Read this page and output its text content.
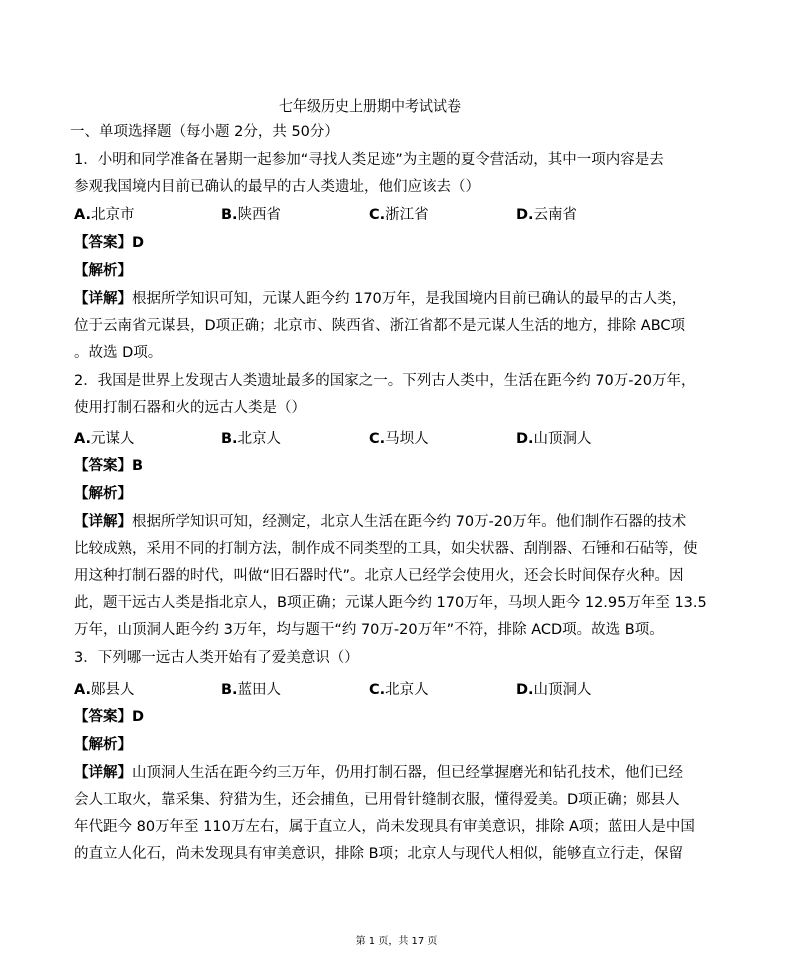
七年级历史上册期中考试试卷
一、单项选择题（每小题 2分，共 50分）
1．小明和同学准备在暑期一起参加“寻找人类足迹”为主题的夏令营活动，其中一项内容是去
参观我国境内目前已确认的最早的古人类遗址，他们应该去（）
A.北京市	B.陕西省	C.浙江省	D.云南省
【答案】D
【解析】
【详解】根据所学知识可知，元谋人距今约 170万年，是我国境内目前已确认的最早的古人类，
位于云南省元谋县，D项正确；北京市、陕西省、浙江省都不是元谋人生活的地方，排除 ABC项
。故选 D项。
2．我国是世界上发现古人类遗址最多的国家之一。下列古人类中，生活在距今约 70万-20万年，
使用打制石器和火的远古人类是（）
A.元谋人	B.北京人	C.马坝人	D.山顶洞人
【答案】B
【解析】
【详解】根据所学知识可知，经测定，北京人生活在距今约 70万-20万年。他们制作石器的技术
比较成熟，采用不同的打制方法，制作成不同类型的工具，如尖状器、刮削器、石锤和石砧等，使
用这种打制石器的时代，叫做“旧石器时代”。北京人已经学会使用火，还会长时间保存火种。因
此，题干远古人类是指北京人，B项正确；元谋人距今约 170万年，马坝人距今 12.95万年至 13.5
万年，山顶洞人距今约 3万年，均与题干“约 70万-20万年”不符，排除 ACD项。故选 B项。
3．下列哪一远古人类开始有了爱美意识（）
A.郧县人	B.蓝田人	C.北京人	D.山顶洞人
【答案】D
【解析】
【详解】山顶洞人生活在距今约三万年，仍用打制石器，但已经掌握磨光和钻孔技术，他们已经
会人工取火，靠采集、狩猎为生，还会捕鱼，已用骨针缝制衣服，懂得爱美。D项正确；郧县人
年代距今 80万年至 110万左右，属于直立人，尚未发现具有审美意识，排除 A项；蓝田人是中国
的直立人化石，尚未发现具有审美意识，排除 B项；北京人与现代人相似，能够直立行走，保留
第 1 页，共 17 页
